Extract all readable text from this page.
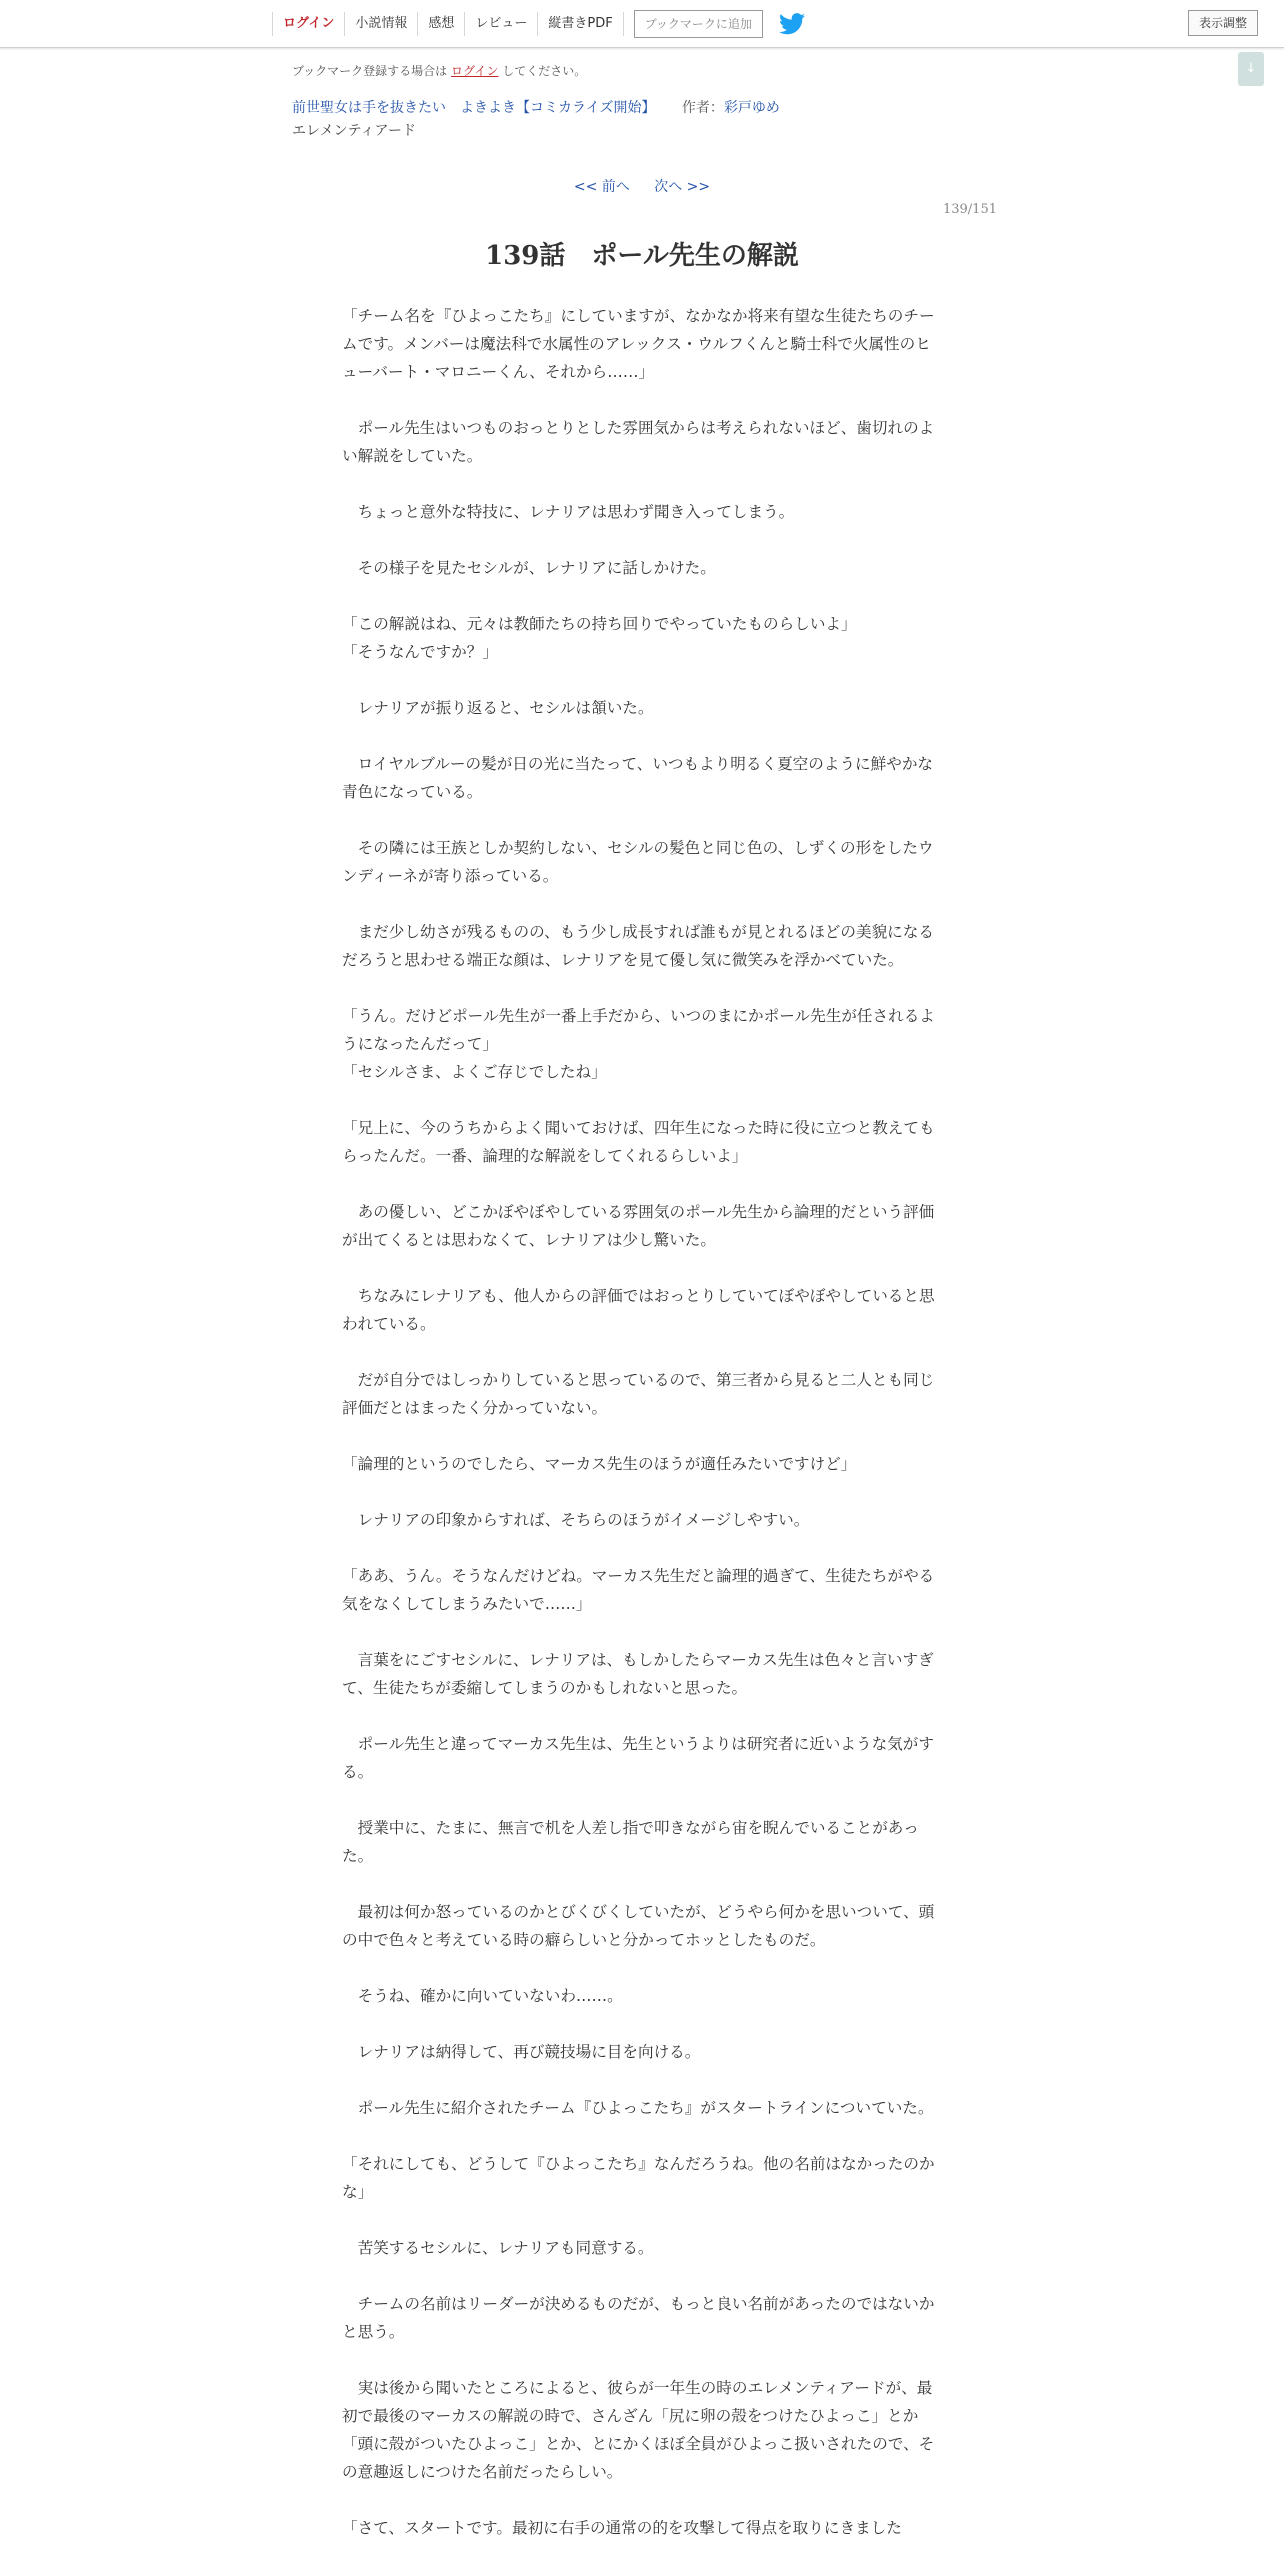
ログイン	小説情報	感想	レビュー	縦書きPDF	ブックマークに追加	表示調整
↓
ブックマーク登録する場合は ログイン してください。
前世聖女は手を抜きたい　よきよき【コミカライズ開始】 作者：彩戸ゆめ
エレメンティアード
<< 前へ 次へ >>
139/151
139話　ポール先生の解説

「チーム名を『ひよっこたち』にしていますが、なかなか将来有望な生徒たちのチームです。メンバーは魔法科で水属性のアレックス・ウルフくんと騎士科で火属性のヒューバート・マロニーくん、それから……」

　ポール先生はいつものおっとりとした雰囲気からは考えられないほど、歯切れのよい解説をしていた。

　ちょっと意外な特技に、レナリアは思わず聞き入ってしまう。

　その様子を見たセシルが、レナリアに話しかけた。

「この解説はね、元々は教師たちの持ち回りでやっていたものらしいよ」

「そうなんですか？」

　レナリアが振り返ると、セシルは頷いた。

　ロイヤルブルーの髪が日の光に当たって、いつもより明るく夏空のように鮮やかな青色になっている。

　その隣には王族としか契約しない、セシルの髪色と同じ色の、しずくの形をしたウンディーネが寄り添っている。

　まだ少し幼さが残るものの、もう少し成長すれば誰もが見とれるほどの美貌になるだろうと思わせる端正な顔は、レナリアを見て優し気に微笑みを浮かべていた。

「うん。だけどポール先生が一番上手だから、いつのまにかポール先生が任されるようになったんだって」

「セシルさま、よくご存じでしたね」

「兄上に、今のうちからよく聞いておけば、四年生になった時に役に立つと教えてもらったんだ。一番、論理的な解説をしてくれるらしいよ」

　あの優しい、どこかぼやぼやしている雰囲気のポール先生から論理的だという評価が出てくるとは思わなくて、レナリアは少し驚いた。

　ちなみにレナリアも、他人からの評価ではおっとりしていてぼやぼやしていると思われている。

　だが自分ではしっかりしていると思っているので、第三者から見ると二人とも同じ評価だとはまったく分かっていない。

「論理的というのでしたら、マーカス先生のほうが適任みたいですけど」

　レナリアの印象からすれば、そちらのほうがイメージしやすい。

「ああ、うん。そうなんだけどね。マーカス先生だと論理的過ぎて、生徒たちがやる気をなくしてしまうみたいで……」

　言葉をにごすセシルに、レナリアは、もしかしたらマーカス先生は色々と言いすぎて、生徒たちが委縮してしまうのかもしれないと思った。

　ポール先生と違ってマーカス先生は、先生というよりは研究者に近いような気がする。

　授業中に、たまに、無言で机を人差し指で叩きながら宙を睨んでいることがあった。

　最初は何か怒っているのかとびくびくしていたが、どうやら何かを思いついて、頭の中で色々と考えている時の癖らしいと分かってホッとしたものだ。

　そうね、確かに向いていないわ……。

　レナリアは納得して、再び競技場に目を向ける。

　ポール先生に紹介されたチーム『ひよっこたち』がスタートラインについていた。

「それにしても、どうして『ひよっこたち』なんだろうね。他の名前はなかったのかな」

　苦笑するセシルに、レナリアも同意する。

　チームの名前はリーダーが決めるものだが、もっと良い名前があったのではないかと思う。

　実は後から聞いたところによると、彼らが一年生の時のエレメンティアードが、最初で最後のマーカスの解説の時で、さんざん「尻に卵の殻をつけたひよっこ」とか「頭に殻がついたひよっこ」とか、とにかくほぼ全員がひよっこ扱いされたので、その意趣返しにつけた名前だったらしい。

「さて、スタートです。最初に右手の通常の的を攻撃して得点を取りにきました
